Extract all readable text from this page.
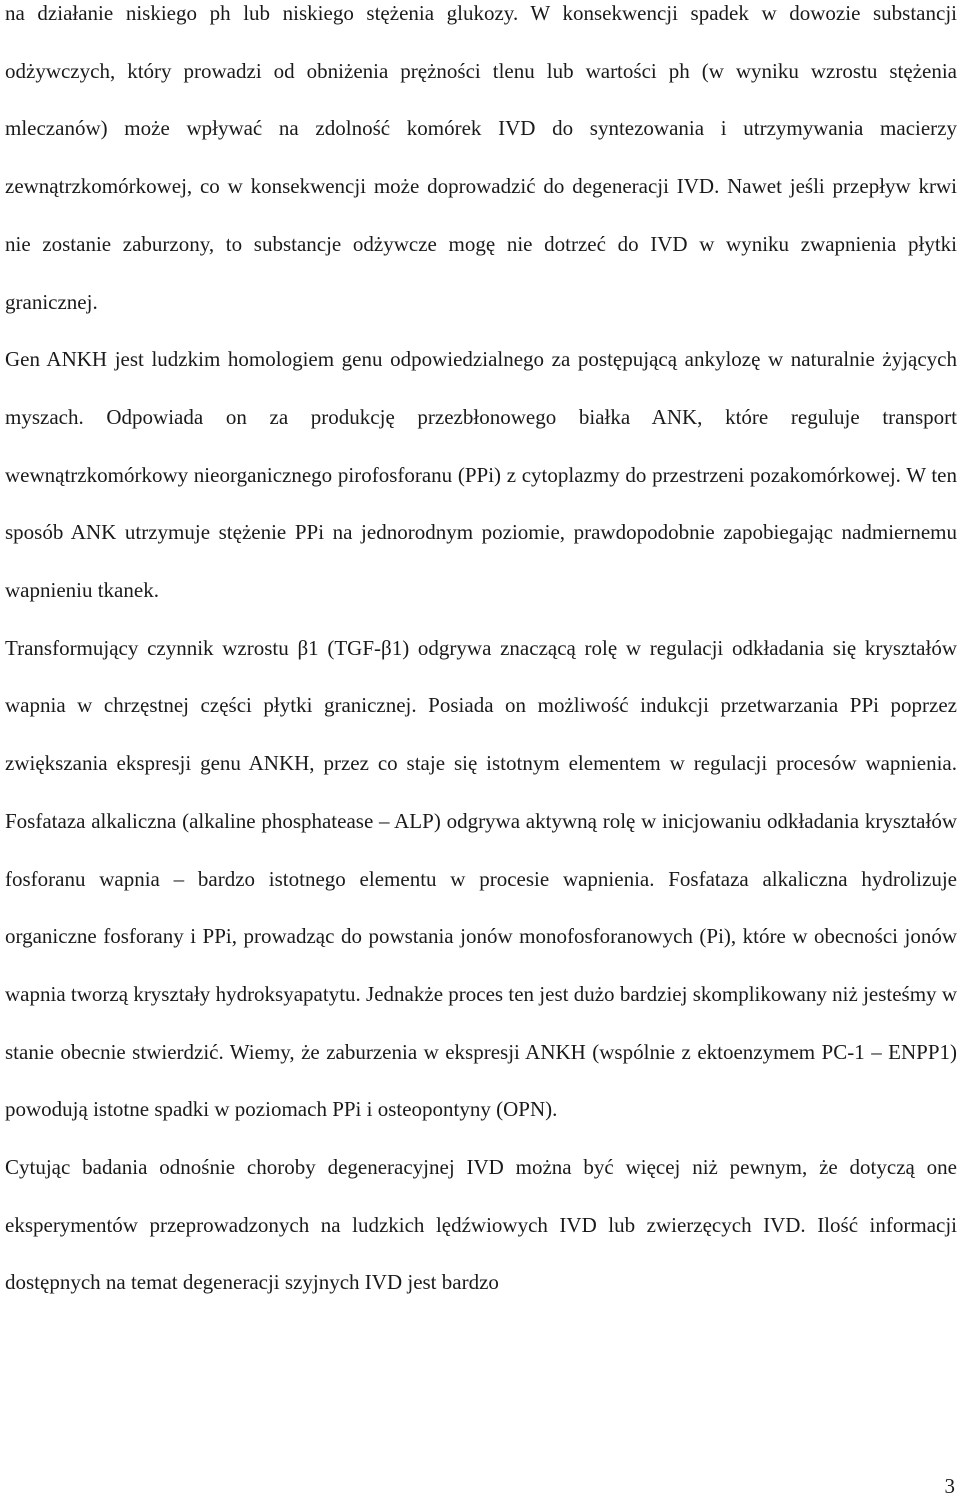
na działanie niskiego ph lub niskiego stężenia glukozy. W konsekwencji spadek w dowozie substancji odżywczych, który prowadzi od obniżenia prężności tlenu lub wartości ph (w wyniku wzrostu stężenia mleczanów) może wpływać na zdolność komórek IVD do syntezowania i utrzymywania macierzy zewnątrzkomórkowej, co w konsekwencji może doprowadzić do degeneracji IVD. Nawet jeśli przepływ krwi nie zostanie zaburzony, to substancje odżywcze mogę nie dotrzeć do IVD w wyniku zwapnienia płytki granicznej.

Gen ANKH jest ludzkim homologiem genu odpowiedzialnego za postępującą ankylozę w naturalnie żyjących myszach. Odpowiada on za produkcję przezbłonowego białka ANK, które reguluje transport wewnątrzkomórkowy nieorganicznego pirofosforanu (PPi) z cytoplazmy do przestrzeni pozakomórkowej. W ten sposób ANK utrzymuje stężenie PPi na jednorodnym poziomie, prawdopodobnie zapobiegając nadmiernemu wapnieniu tkanek.

Transformujący czynnik wzrostu β1 (TGF-β1) odgrywa znaczącą rolę w regulacji odkładania się kryształów wapnia w chrzęstnej części płytki granicznej. Posiada on możliwość indukcji przetwarzania PPi poprzez zwiększania ekspresji genu ANKH, przez co staje się istotnym elementem w regulacji procesów wapnienia. Fosfataza alkaliczna (alkaline phosphatease – ALP) odgrywa aktywną rolę w inicjowaniu odkładania kryształów fosforanu wapnia – bardzo istotnego elementu w procesie wapnienia. Fosfataza alkaliczna hydrolizuje organiczne fosforany i PPi, prowadząc do powstania jonów monofosforanowych (Pi), które w obecności jonów wapnia tworzą kryształy hydroksyapatytu. Jednakże proces ten jest dużo bardziej skomplikowany niż jesteśmy w stanie obecnie stwierdzić. Wiemy, że zaburzenia w ekspresji ANKH (wspólnie z ektoenzymem PC-1 – ENPP1) powodują istotne spadki w poziomach PPi i osteopontyny (OPN).

Cytując badania odnośnie choroby degeneracyjnej IVD można być więcej niż pewnym, że dotyczą one eksperymentów przeprowadzonych na ludzkich lędźwiowych IVD lub zwierzęcych IVD. Ilość informacji dostępnych na temat degeneracji szyjnych IVD jest bardzo

3
